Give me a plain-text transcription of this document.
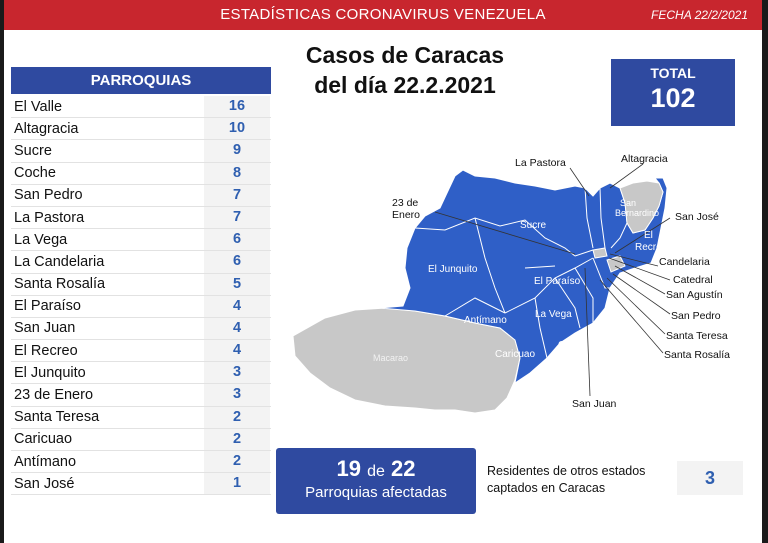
ESTADÍSTICAS CORONAVIRUS VENEZUELA	FECHA 22/2/2021
Casos de Caracas
del día 22.2.2021	TOTAL
102
PARROQUIAS
El Valle	16
Altagracia	10
Sucre	9
Coche	8
San Pedro	7
La Pastora	7
La Vega	6
La Candelaria	6
Santa Rosalía	5
El Paraíso	4
San Juan	4
El Recreo	4
El Junquito	3
23 de Enero	3
Santa Teresa	2
Caricuao	2
Antímano	2
San José	1
La Pastora	Altagracia
23 de
Enero	San José
Candelaria
Catedral
San Agustín
San Pedro
Santa Teresa
Santa Rosalía
San Juan
Sucre
El Junquito
El Paraíso
Antímano
La Vega
Caricuao
Coche El Valle
Macarao
San
Bernardino
El
Recreo
19 de 22
Parroquias afectadas
Residentes de otros estados captados en Caracas	3
